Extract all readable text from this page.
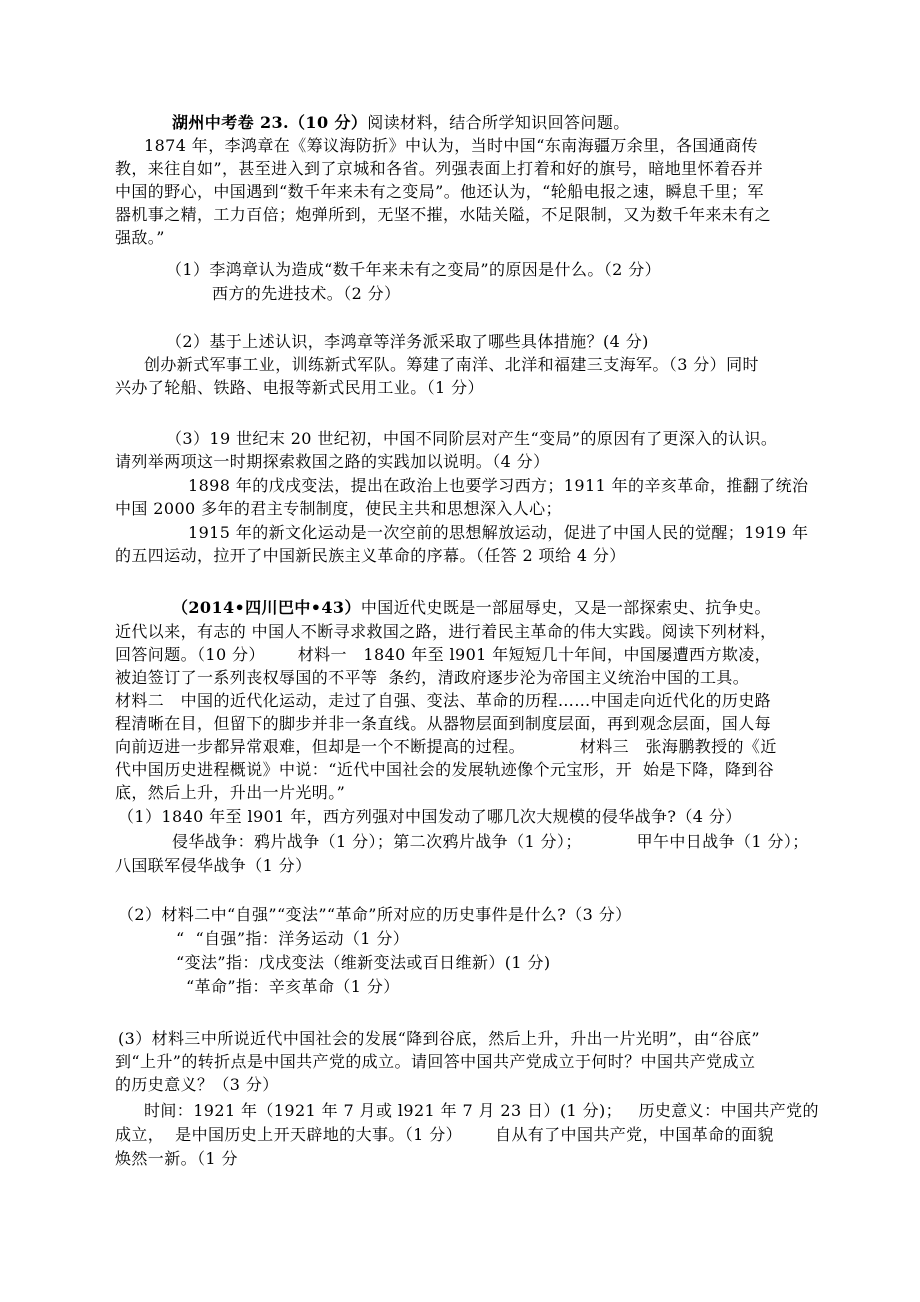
湖州中考卷 23.（10 分）阅读材料，结合所学知识回答问题。
1874 年，李鸿章在《筹议海防折》中认为，当时中国“东南海疆万余里，各国通商传
教，来往自如”，甚至进入到了京城和各省。列强表面上打着和好的旗号，暗地里怀着吞并
中国的野心，中国遇到“数千年来未有之变局”。他还认为，“轮船电报之速，瞬息千里；军
器机事之精，工力百倍；炮弹所到，无坚不摧，水陆关隘，不足限制，又为数千年来未有之
强敌。”
（1）李鸿章认为造成“数千年来未有之变局”的原因是什么。（2 分）
西方的先进技术。（2 分）
（2）基于上述认识，李鸿章等洋务派采取了哪些具体措施？(4 分)
创办新式军事工业，训练新式军队。筹建了南洋、北洋和福建三支海军。（3 分）同时
兴办了轮船、铁路、电报等新式民用工业。（1 分）
（3）19 世纪末 20 世纪初，中国不同阶层对产生“变局”的原因有了更深入的认识。
请列举两项这一时期探索救国之路的实践加以说明。（4 分）
1898 年的戊戌变法，提出在政治上也要学习西方；1911 年的辛亥革命，推翻了统治
中国 2000 多年的君主专制制度，使民主共和思想深入人心；
1915 年的新文化运动是一次空前的思想解放运动，促进了中国人民的觉醒；1919 年
的五四运动，拉开了中国新民族主义革命的序幕。（任答 2 项给 4 分）
（2014•四川巴中•43）中国近代史既是一部屈辱史，又是一部探索史、抗争史。
近代以来，有志的 中国人不断寻求救国之路，进行着民主革命的伟大实践。阅读下列材料，
回答问题。（10 分）      材料一   1840 年至 l901 年短短几十年间，中国屡遭西方欺凌，
被迫签订了一系列丧权辱国的不平等  条约，清政府逐步沦为帝国主义统治中国的工具。
材料二   中国的近代化运动，走过了自强、变法、革命的历程……中国走向近代化的历史路
程清晰在目，但留下的脚步并非一条直线。从器物层面到制度层面，再到观念层面，国人每
向前迈进一步都异常艰难，但却是一个不断提高的过程。          材料三   张海鹏教授的《近
代中国历史进程概说》中说：“近代中国社会的发展轨迹像个元宝形，开  始是下降，降到谷
底，然后上升，升出一片光明。”
（1）1840 年至 l901 年，西方列强对中国发动了哪几次大规模的侵华战争?（4 分）
侵华战争：鸦片战争（1 分）；第二次鸦片战争（1 分）；          甲午中日战争（1 分）；
八国联军侵华战争（1 分）
（2）材料二中“自强”“变法”“革命”所对应的历史事件是什么?（3 分）
“  “自强”指：洋务运动（1 分）
“变法”指：戊戌变法（维新变法或百日维新）(1 分)
“革命”指：辛亥革命（1 分）
(3）材料三中所说近代中国社会的发展“降到谷底，然后上升，升出一片光明”，由“谷底”
到“上升”的转折点是中国共产党的成立。请回答中国共产党成立于何时？中国共产党成立
的历史意义？（3 分）
时间：1921 年（1921 年 7 月或 l921 年 7 月 23 日）(1 分)；   历史意义：中国共产党的
成立，  是中国历史上开天辟地的大事。（1 分）      自从有了中国共产党，中国革命的面貌
焕然一新。（1 分
